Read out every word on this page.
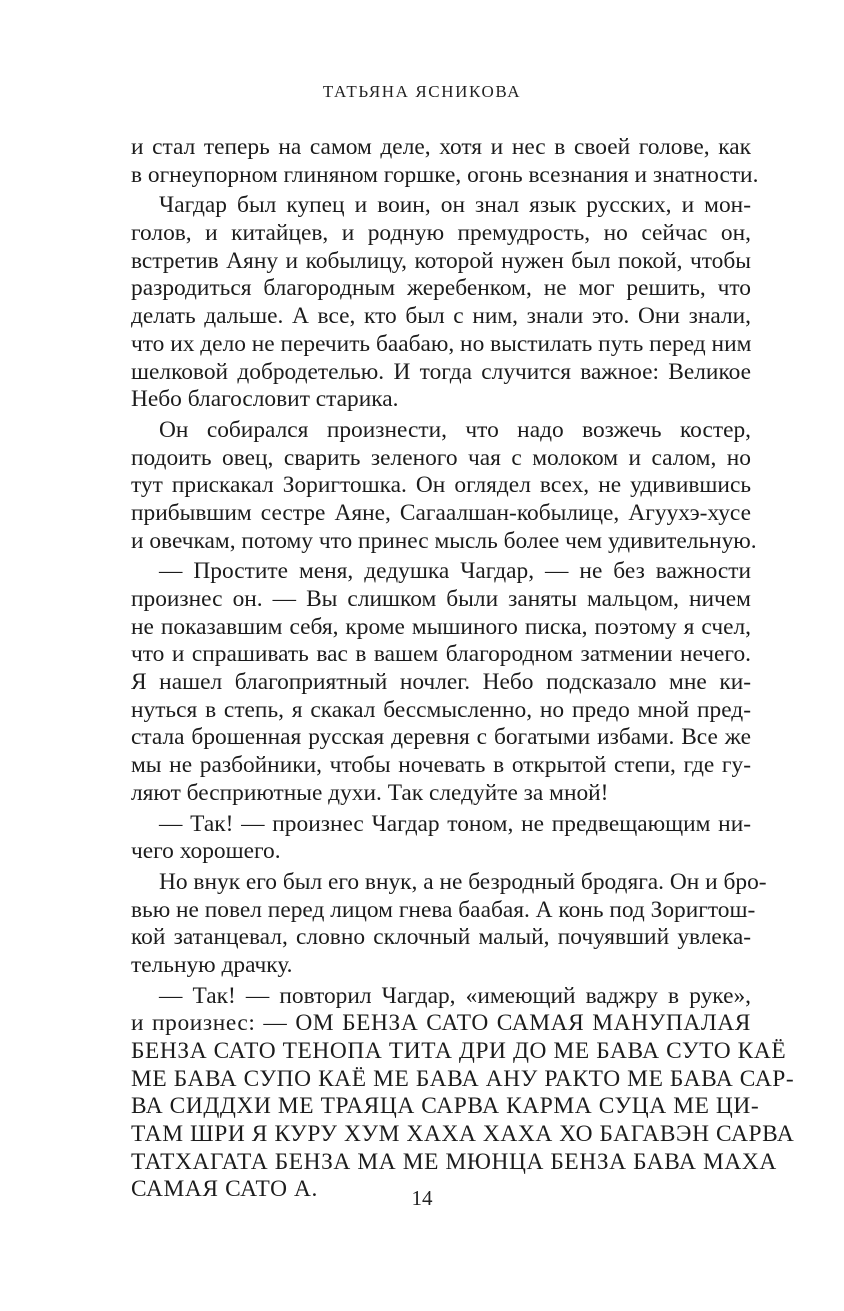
ТАТЬЯНА ЯСНИКОВА
и стал теперь на самом деле, хотя и нес в своей голове, как
в огнеупорном глиняном горшке, огонь всезнания и знатности.
Чагдар был купец и воин, он знал язык русских, и мон-
голов, и китайцев, и родную премудрость, но сейчас он,
встретив Аяну и кобылицу, которой нужен был покой, чтобы
разродиться благородным жеребенком, не мог решить, что
делать дальше. А все, кто был с ним, знали это. Они знали,
что их дело не перечить баабаю, но выстилать путь перед ним
шелковой добродетелью. И тогда случится важное: Великое
Небо благословит старика.
Он собирался произнести, что надо возжечь костер,
подоить овец, сварить зеленого чая с молоком и салом, но
тут прискакал Зоригтошка. Он оглядел всех, не удивившись
прибывшим сестре Аяне, Сагаалшан-кобылице, Агуухэ-хусе
и овечкам, потому что принес мысль более чем удивительную.
— Простите меня, дедушка Чагдар, — не без важности
произнес он. — Вы слишком были заняты мальцом, ничем
не показавшим себя, кроме мышиного писка, поэтому я счел,
что и спрашивать вас в вашем благородном затмении нечего.
Я нашел благоприятный ночлег. Небо подсказало мне ки-
нуться в степь, я скакал бессмысленно, но предо мной пред-
стала брошенная русская деревня с богатыми избами. Все же
мы не разбойники, чтобы ночевать в открытой степи, где гу-
ляют бесприютные духи. Так следуйте за мной!
— Так! — произнес Чагдар тоном, не предвещающим ни-
чего хорошего.
Но внук его был его внук, а не безродный бродяга. Он и бро-
вью не повел перед лицом гнева баабая. А конь под Зоригтош-
кой затанцевал, словно склочный малый, почуявший увлека-
тельную драчку.
— Так! — повторил Чагдар, «имеющий ваджру в руке»,
и произнес: — ОМ БЕНЗА САТО САМАЯ МАНУПАЛАЯ
БЕНЗА САТО ТЕНОПА ТИТА ДРИ ДО МЕ БАВА СУТО КАЁ
МЕ БАВА СУПО КАЁ МЕ БАВА АНУ РАКТО МЕ БАВА САР-
ВА СИДДХИ МЕ ТРАЯЦА САРВА КАРМА СУЦА МЕ ЦИ-
ТАМ ШРИ Я КУРУ ХУМ ХАХА ХАХА ХО БАГАВЭН САРВА
ТАТХАГАТА БЕНЗА МА МЕ МЮНЦА БЕНЗА БАВА МАХА
САМАЯ САТО А.	14
